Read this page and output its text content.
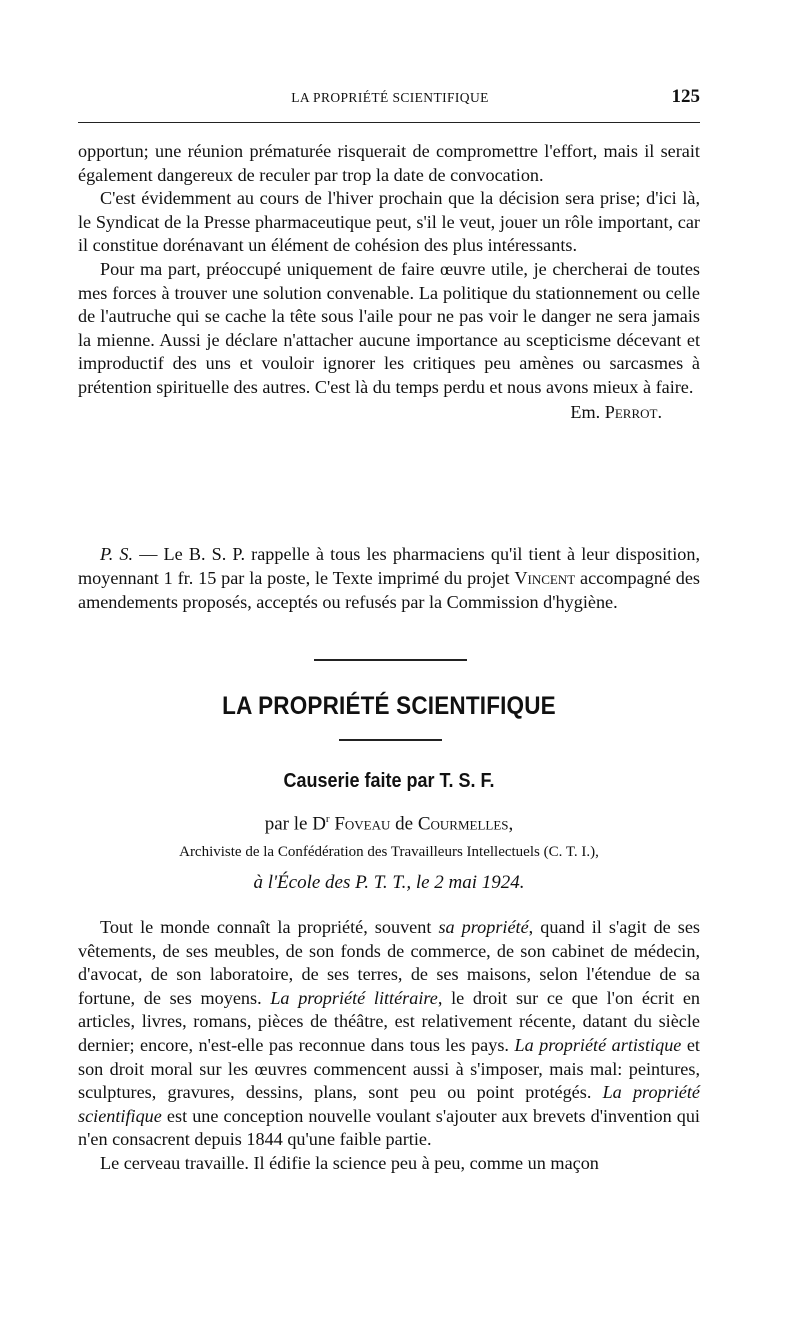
LA PROPRIÉTÉ SCIENTIFIQUE	125

opportun; une réunion prématurée risquerait de compromettre l'effort, mais il serait également dangereux de reculer par trop la date de convocation.

C'est évidemment au cours de l'hiver prochain que la décision sera prise; d'ici là, le Syndicat de la Presse pharmaceutique peut, s'il le veut, jouer un rôle important, car il constitue dorénavant un élément de cohésion des plus intéressants.

Pour ma part, préoccupé uniquement de faire œuvre utile, je chercherai de toutes mes forces à trouver une solution convenable. La politique du stationnement ou celle de l'autruche qui se cache la tête sous l'aile pour ne pas voir le danger ne sera jamais la mienne. Aussi je déclare n'attacher aucune importance au scepticisme décevant et improductif des uns et vouloir ignorer les critiques peu amènes ou sarcasmes à prétention spirituelle des autres. C'est là du temps perdu et nous avons mieux à faire.

Em. Perrot.

P. S. — Le B. S. P. rappelle à tous les pharmaciens qu'il tient à leur disposition, moyennant 1 fr. 15 par la poste, le Texte imprimé du projet Vincent accompagné des amendements proposés, acceptés ou refusés par la Commission d'hygiène.

LA PROPRIÉTÉ SCIENTIFIQUE
Causerie faite par T. S. F.
par le $D^r$ Foveau de Courmelles,
Archiviste de la Confédération des Travailleurs Intellectuels (C. T. I.),
à l'École des P. T. T., le 2 mai 1924.

Tout le monde connaît la propriété, souvent sa propriété, quand il s'agit de ses vêtements, de ses meubles, de son fonds de commerce, de son cabinet de médecin, d'avocat, de son laboratoire, de ses terres, de ses maisons, selon l'étendue de sa fortune, de ses moyens. La propriété littéraire, le droit sur ce que l'on écrit en articles, livres, romans, pièces de théâtre, est relativement récente, datant du siècle dernier; encore, n'est-elle pas reconnue dans tous les pays. La propriété artistique et son droit moral sur les œuvres commencent aussi à s'imposer, mais mal: peintures, sculptures, gravures, dessins, plans, sont peu ou point protégés. La propriété scientifique est une conception nouvelle voulant s'ajouter aux brevets d'invention qui n'en consacrent depuis 1844 qu'une faible partie.

Le cerveau travaille. Il édifie la science peu à peu, comme un maçon
